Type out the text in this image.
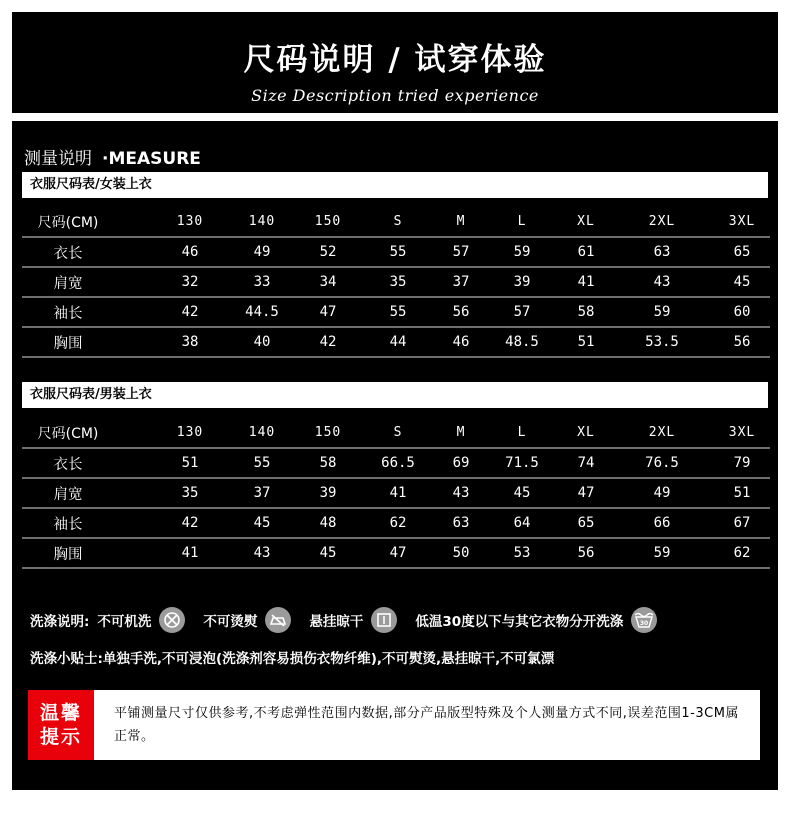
尺码说明 / 试穿体验
Size Description tried experience
测量说明 ·MEASURE
衣服尺码表/女装上衣
尺码(CM)	130	140	150	S	M	L	XL	2XL	3XL
衣长	46	49	52	55	57	59	61	63	65
肩宽	32	33	34	35	37	39	41	43	45
袖长	42	44.5	47	55	56	57	58	59	60
胸围	38	40	42	44	46	48.5	51	53.5	56
衣服尺码表/男装上衣
尺码(CM)	130	140	150	S	M	L	XL	2XL	3XL
衣长	51	55	58	66.5	69	71.5	74	76.5	79
肩宽	35	37	39	41	43	45	47	49	51
袖长	42	45	48	62	63	64	65	66	67
胸围	41	43	45	47	50	53	56	59	62
洗涤说明: 不可机洗	不可烫熨	悬挂晾干	低温30度以下与其它衣物分开洗涤	30
洗涤小贴士:单独手洗,不可浸泡(洗涤剂容易损伤衣物纤维),不可熨烫,悬挂晾干,不可氯漂
温馨
提示
平铺测量尺寸仅供参考,不考虑弹性范围内数据,部分产品版型特殊及个人测量方式不同,误差范围1-3CM属正常。
